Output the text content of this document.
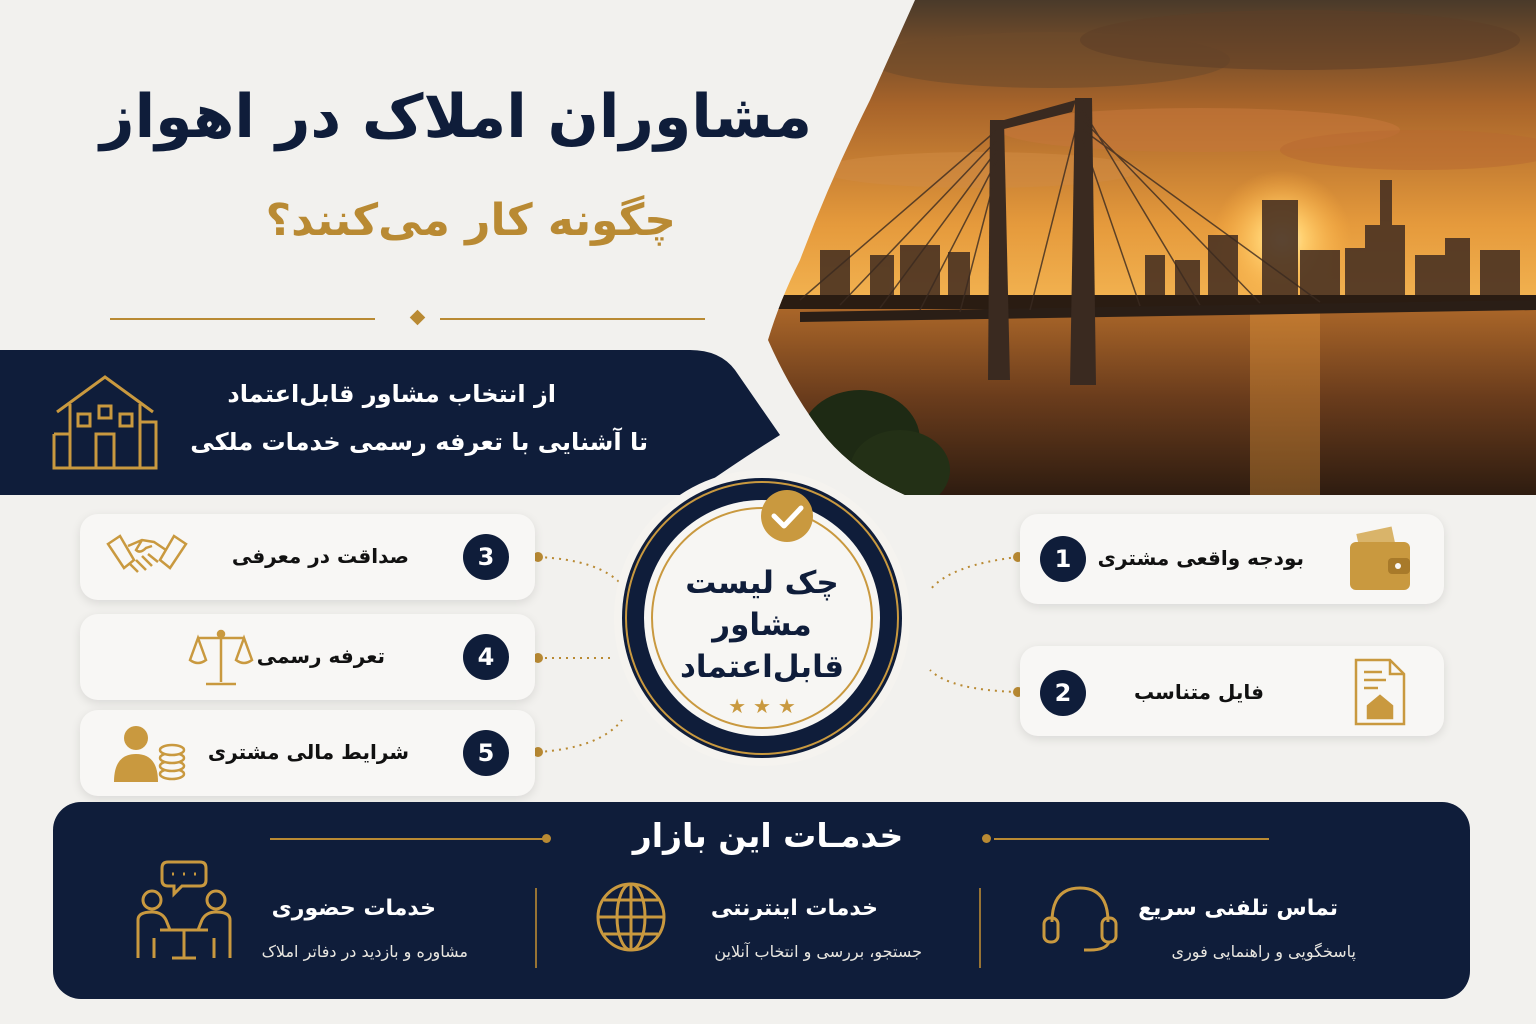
مشاوران املاک در اهواز
چگونه کار می‌کنند؟
از انتخاب مشاور قابل‌اعتماد
تا آشنایی با تعرفه رسمی خدمات ملکی
3
صداقت در معرفی
4
تعرفه رسمی
5
شرایط مالی مشتری
1	بودجه واقعی مشتری
2	فایل متناسب
چک لیست
مشاور
قابل‌اعتماد
★ ★ ★
خدمـات این بازار
تماس تلفنی سریع
پاسخگویی و راهنمایی فوری
خدمات اینترنتی
جستجو، بررسی و انتخاب آنلاین
خدمات حضوری
مشاوره و بازدید در دفاتر املاک
